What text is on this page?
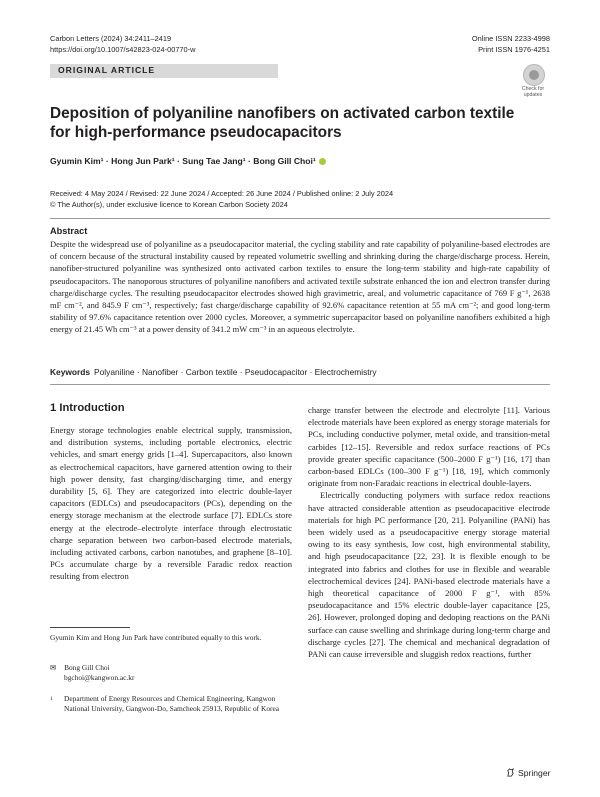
Carbon Letters (2024) 34:2411–2419
https://doi.org/10.1007/s42823-024-00770-w
Online ISSN 2233-4998
Print ISSN 1976-4251
ORIGINAL ARTICLE
Check for
updates
Deposition of polyaniline nanofibers on activated carbon textile
for high‑performance pseudocapacitors
Gyumin Kim¹ · Hong Jun Park¹ · Sung Tae Jang¹ · Bong Gill Choi¹
Received: 4 May 2024 / Revised: 22 June 2024 / Accepted: 26 June 2024 / Published online: 2 July 2024
© The Author(s), under exclusive licence to Korean Carbon Society 2024
Abstract
Despite the widespread use of polyaniline as a pseudocapacitor material, the cycling stability and rate capability of polyaniline-based electrodes are of concern because of the structural instability caused by repeated volumetric swelling and shrinking during the charge/discharge process. Herein, nanofiber-structured polyaniline was synthesized onto activated carbon textiles to ensure the long-term stability and high-rate capability of pseudocapacitors. The nanoporous structures of polyaniline nanofibers and activated textile substrate enhanced the ion and electron transfer during charge/discharge cycles. The resulting pseudocapacitor electrodes showed high gravimetric, areal, and volumetric capacitance of 769 F g⁻¹, 2638 mF cm⁻², and 845.9 F cm⁻³, respectively; fast charge/discharge capability of 92.6% capacitance retention at 55 mA cm⁻²; and good long-term stability of 97.6% capacitance retention over 2000 cycles. Moreover, a symmetric supercapacitor based on polyaniline nanofibers exhibited a high energy of 21.45 Wh cm⁻³ at a power density of 341.2 mW cm⁻³ in an aqueous electrolyte.
Keywords Polyaniline · Nanofiber · Carbon textile · Pseudocapacitor · Electrochemistry
1 Introduction

Energy storage technologies enable electrical supply, transmission, and distribution systems, including portable electronics, electric vehicles, and smart energy grids [1–4]. Supercapacitors, also known as electrochemical capacitors, have garnered attention owing to their high power density, fast charging/discharging time, and energy durability [5, 6]. They are categorized into electric double-layer capacitors (EDLCs) and pseudocapacitors (PCs), depending on the energy storage mechanism at the electrode surface [7]. EDLCs store energy at the electrode–electrolyte interface through electrostatic charge separation between two carbon-based electrode materials, including activated carbons, carbon nanotubes, and graphene [8–10]. PCs accumulate charge by a reversible Faradic redox reaction resulting from electron

charge transfer between the electrode and electrolyte [11]. Various electrode materials have been explored as energy storage materials for PCs, including conductive polymer, metal oxide, and transition-metal carbides [12–15]. Reversible and redox surface reactions of PCs provide greater specific capacitance (500–2000 F g⁻¹) [16, 17] than carbon-based EDLCs (100–300 F g⁻¹) [18, 19], which commonly originate from non-Faradaic reactions in electrical double-layers.

Electrically conducting polymers with surface redox reactions have attracted considerable attention as pseudocapacitive electrode materials for high PC performance [20, 21]. Polyaniline (PANi) has been widely used as a pseudocapacitive energy storage material owing to its easy synthesis, low cost, high environmental stability, and high pseudocapacitance [22, 23]. It is flexible enough to be integrated into fabrics and clothes for use in flexible and wearable electrochemical devices [24]. PANi-based electrode materials have a high theoretical capacitance of 2000 F g⁻¹, with 85% pseudocapacitance and 15% electric double-layer capacitance [25, 26]. However, prolonged doping and dedoping reactions on the PANi surface can cause swelling and shrinkage during long-term charge and discharge cycles [27]. The chemical and mechanical degradation of PANi can cause irreversible and sluggish redox reactions, further

Gyumin Kim and Hong Jun Park have contributed equally to this work.
✉ Bong Gill Choi
bgchoi@kangwon.ac.kr
1 Department of Energy Resources and Chemical Engineering, Kangwon National University, Gangwon-Do, Samcheok 25913, Republic of Korea
Springer
